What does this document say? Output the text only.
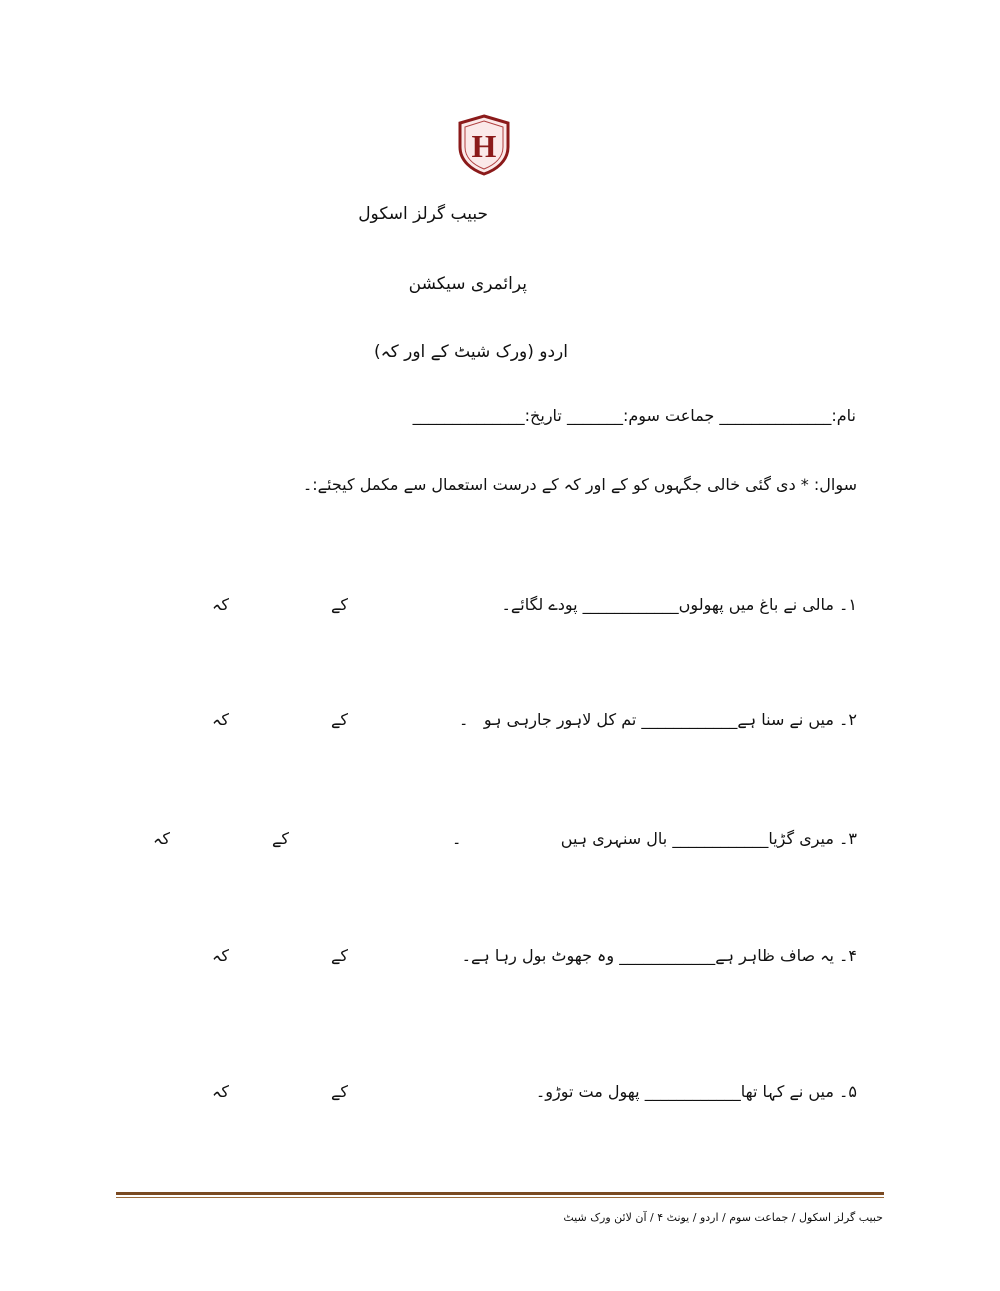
H
حبیب گرلز اسکول
پرائمری سیکشن
اردو (ورک شیٹ کے اور کہ)
نام:______________ جماعت سوم:_______ تاریخ:______________
سوال: * دی گئی خالی جگہوں کو کے اور کہ کے درست استعمال سے مکمل کیجئے:۔
۱۔ مالی نے باغ میں پھولوں____________ پودے لگائے۔
کے
کہ
۲۔ میں نے سنا ہے____________ تم کل لاہور جارہی ہو
۔
کے
کہ
۳۔ میری گڑیا____________ بال سنہری ہیں
۔
کے
کہ
۴۔ یہ صاف ظاہر ہے____________ وہ جھوٹ بول رہا ہے۔
کے
کہ
۵۔ میں نے کہا تھا____________ پھول مت توڑو۔
کے
کہ
حبیب گرلز اسکول / جماعت سوم / اردو / یونٹ ۴ / آن لائن ورک شیٹ
